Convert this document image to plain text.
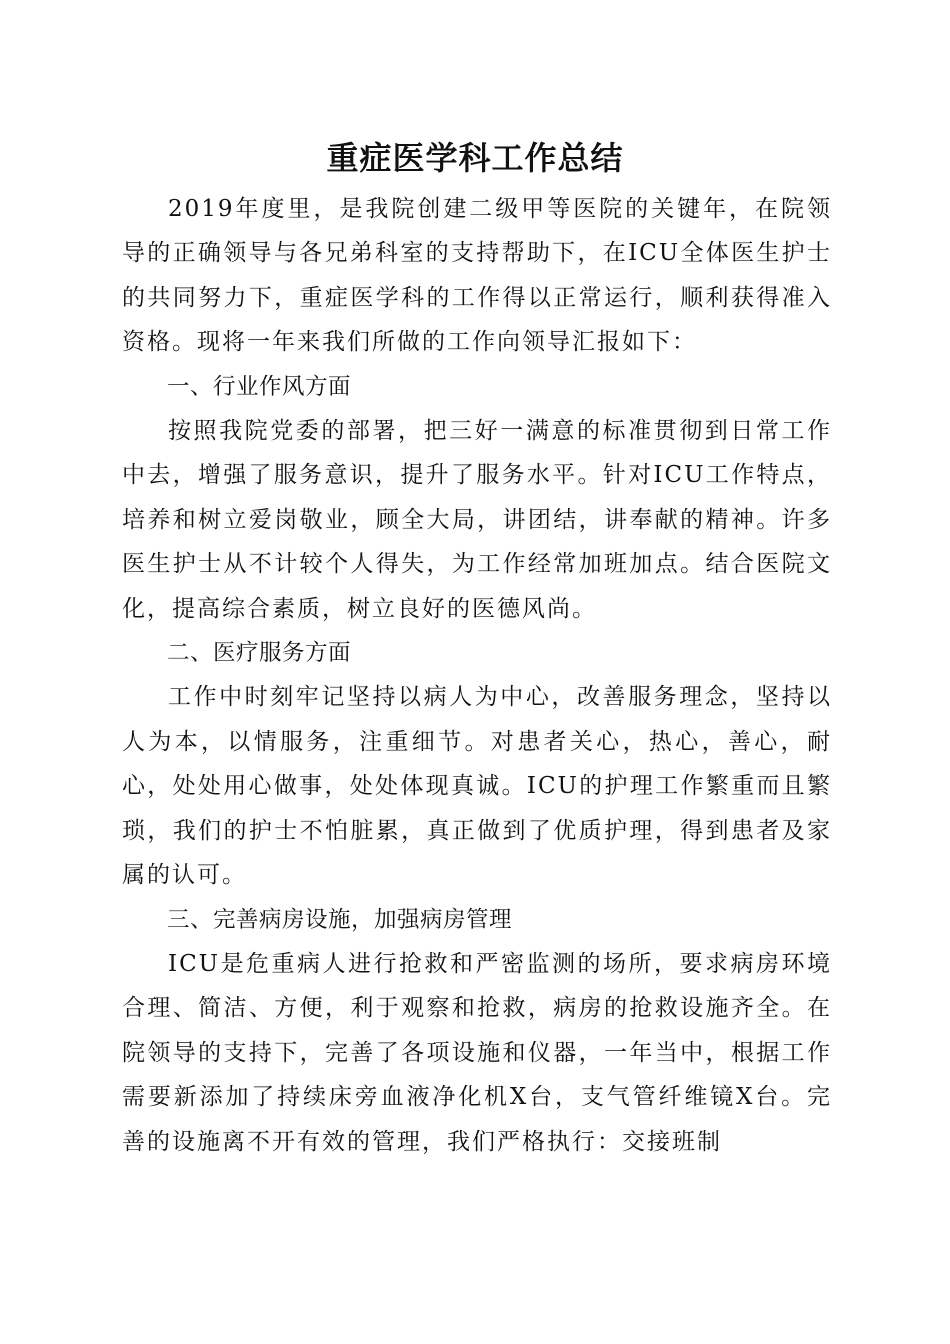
重症医学科工作总结

2019年度里，是我院创建二级甲等医院的关键年，在院领导的正确领导与各兄弟科室的支持帮助下，在ICU全体医生护士的共同努力下，重症医学科的工作得以正常运行，顺利获得准入资格。现将一年来我们所做的工作向领导汇报如下：

一、行业作风方面

按照我院党委的部署，把三好一满意的标准贯彻到日常工作中去，增强了服务意识，提升了服务水平。针对ICU工作特点，培养和树立爱岗敬业，顾全大局，讲团结，讲奉献的精神。许多医生护士从不计较个人得失，为工作经常加班加点。结合医院文化，提高综合素质，树立良好的医德风尚。

二、医疗服务方面

工作中时刻牢记坚持以病人为中心，改善服务理念，坚持以人为本，以情服务，注重细节。对患者关心，热心，善心，耐心，处处用心做事，处处体现真诚。ICU的护理工作繁重而且繁琐，我们的护士不怕脏累，真正做到了优质护理，得到患者及家属的认可。

三、完善病房设施，加强病房管理

ICU是危重病人进行抢救和严密监测的场所，要求病房环境合理、简洁、方便，利于观察和抢救，病房的抢救设施齐全。在院领导的支持下，完善了各项设施和仪器，一年当中，根据工作需要新添加了持续床旁血液净化机X台，支气管纤维镜X台。完善的设施离不开有效的管理，我们严格执行：交接班制
